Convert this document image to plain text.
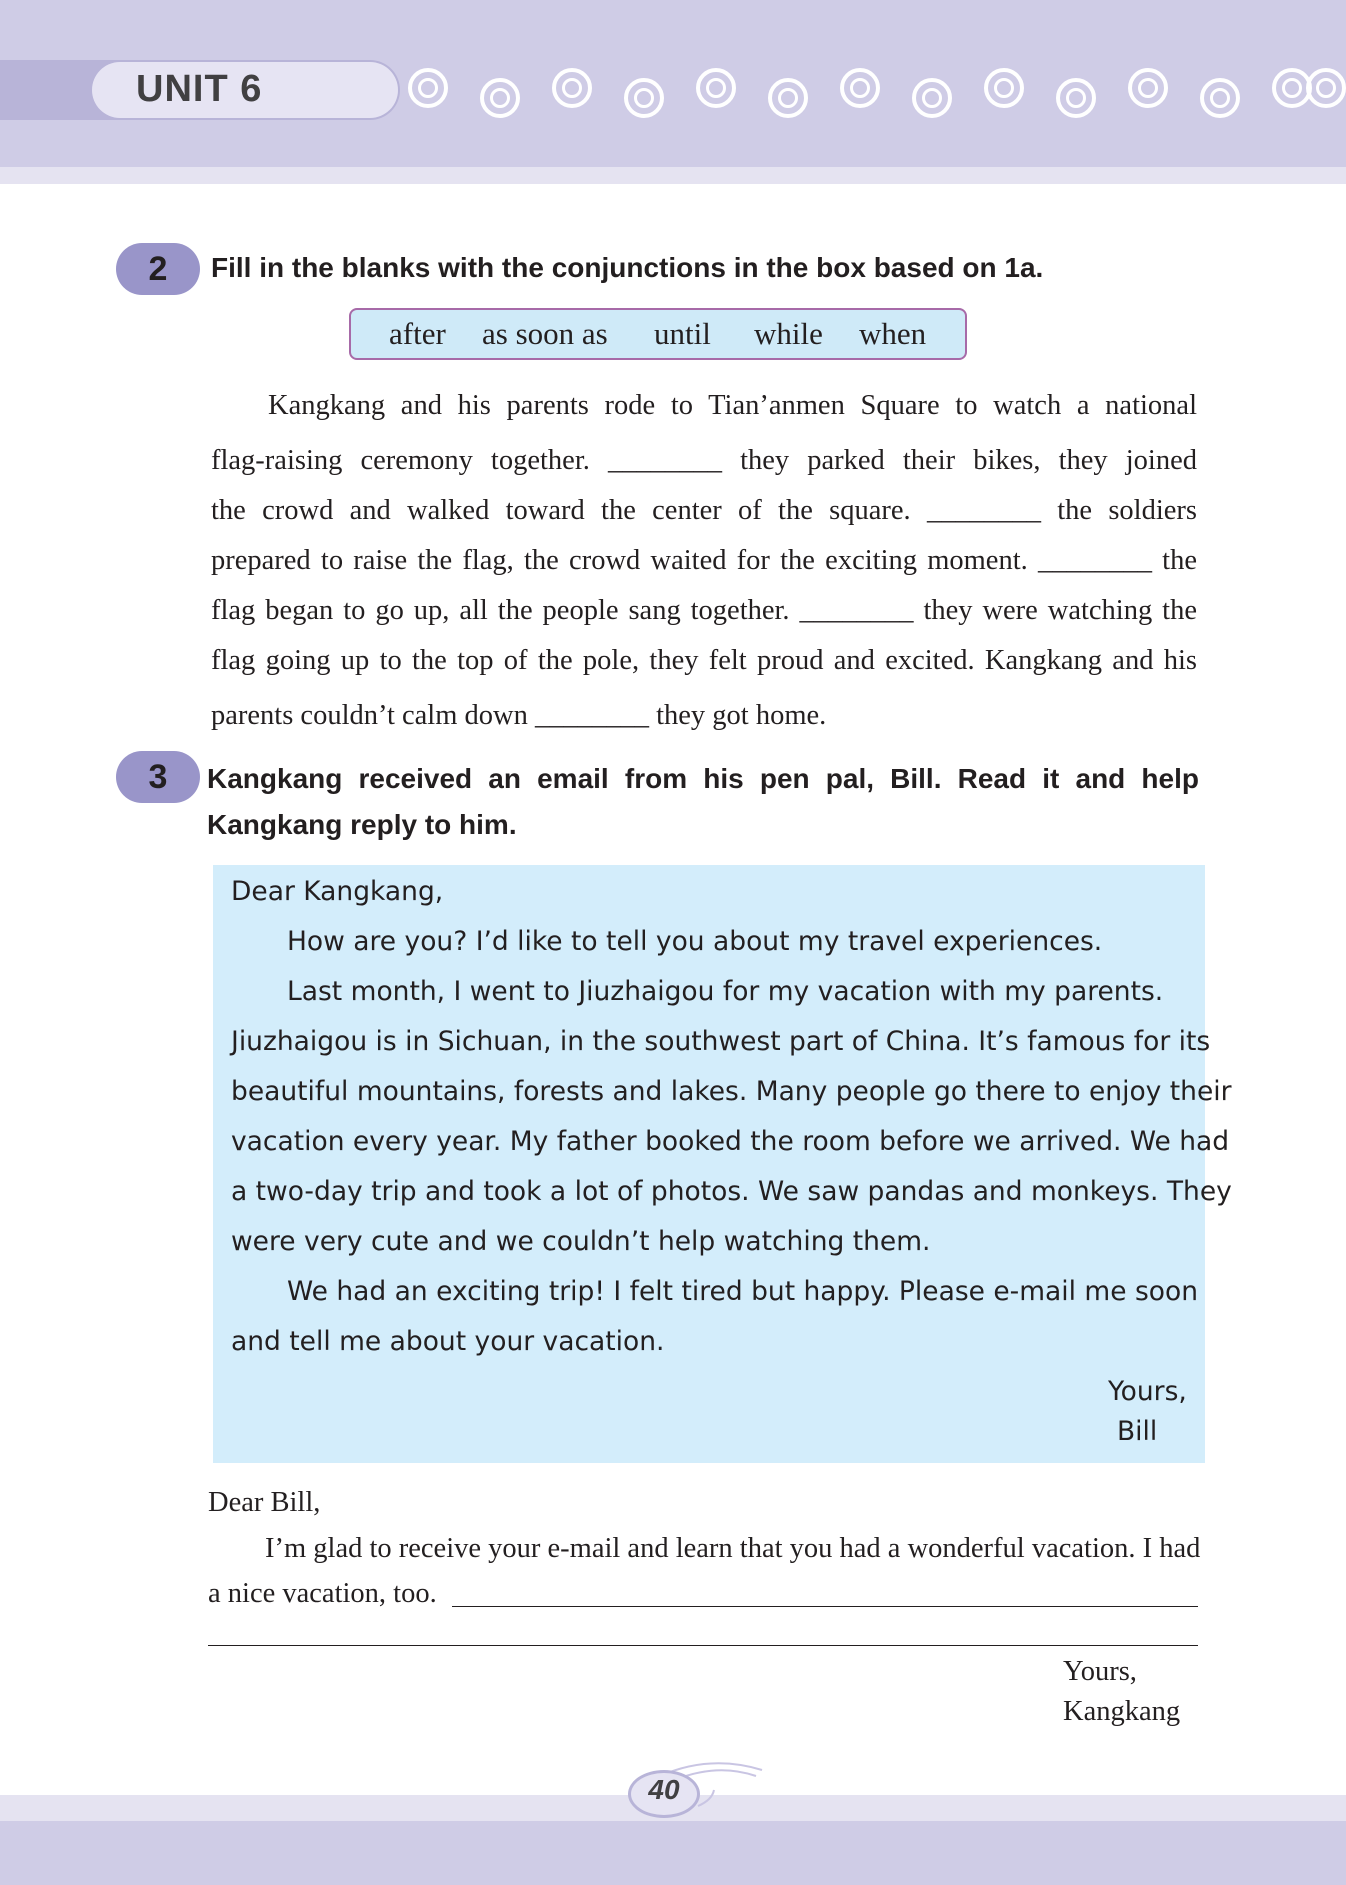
UNIT 6
2	Fill in the blanks with the conjunctions in the box based on 1a.
after as soon as until while when
Kangkang and his parents rode to Tian’anmen Square to watch a national
flag-raising ceremony together. ________ they parked their bikes, they joined
the crowd and walked toward the center of the square. ________ the soldiers
prepared to raise the flag, the crowd waited for the exciting moment. ________ the
flag began to go up, all the people sang together. ________ they were watching the
flag going up to the top of the pole, they felt proud and excited. Kangkang and his
parents couldn’t calm down ________ they got home.
3	Kangkang received an email from his pen pal, Bill. Read it and help
Kangkang reply to him.
Dear Kangkang,
How are you? I’d like to tell you about my travel experiences.
Last month, I went to Jiuzhaigou for my vacation with my parents.
Jiuzhaigou is in Sichuan, in the southwest part of China. It’s famous for its
beautiful mountains, forests and lakes. Many people go there to enjoy their
vacation every year. My father booked the room before we arrived. We had
a two-day trip and took a lot of photos. We saw pandas and monkeys. They
were very cute and we couldn’t help watching them.
We had an exciting trip! I felt tired but happy. Please e-mail me soon
and tell me about your vacation.
Yours,
Bill
Dear Bill,
I’m glad to receive your e-mail and learn that you had a wonderful vacation. I had
a nice vacation, too.
Yours,
Kangkang
40
